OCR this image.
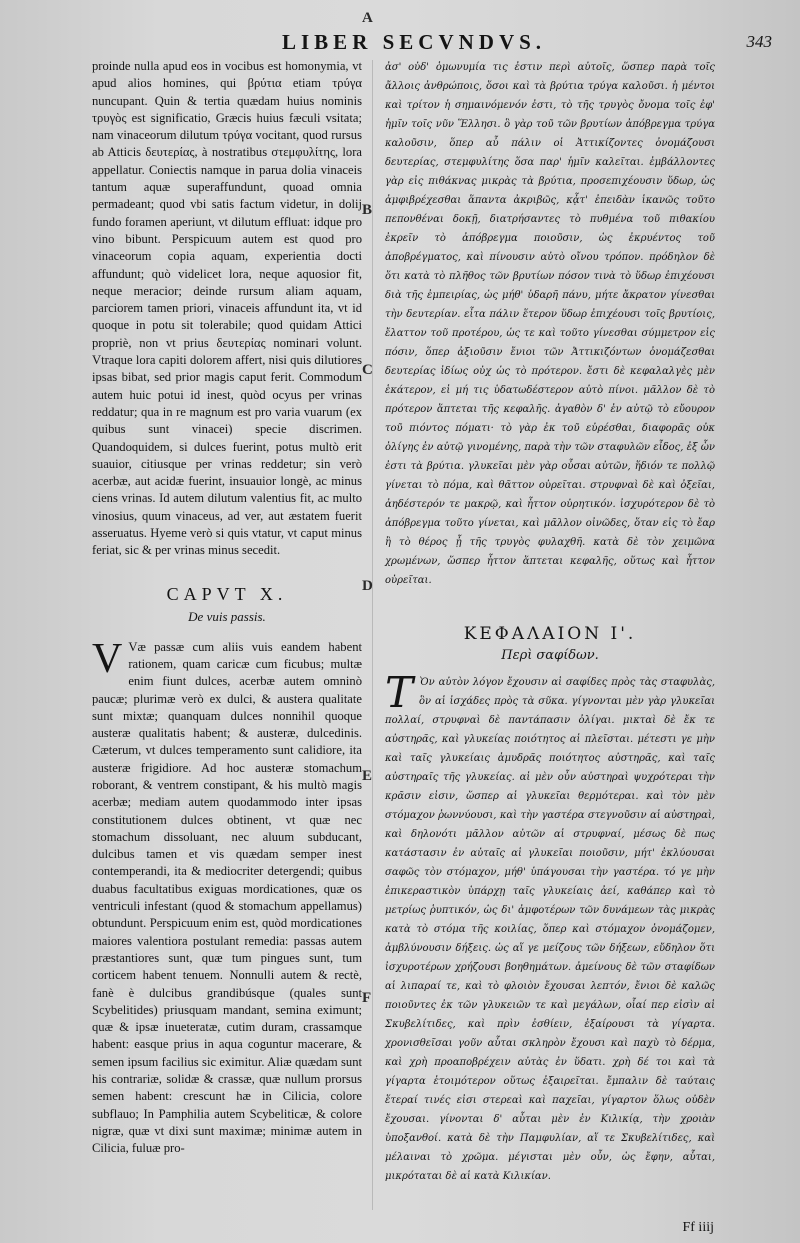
LIBER SECVNDVS.	343

proinde nulla apud eos in vocibus est homonymia, vt apud alios homines, qui βρύτια etiam τρύγα nuncupant. Quin & tertia quædam huius nominis τρυγὸς est significatio, Græcis huius fæculi vsitata; nam vinaceorum dilutum τρύγα vocitant, quod rursus ab Atticis δευτερίας, à nostratibus στεμφυλίτης, lora appellatur. Coniectis namque in parua dolia vinaceis tantum aquæ superaffundunt, quoad omnia permadeant; quod vbi satis factum videtur, in dolij fundo foramen aperiunt, vt dilutum effluat: idque pro vino bibunt. Perspicuum autem est quod pro vinaceorum copia aquam, experientia docti affundunt; quò videlicet lora, neque aquosior fit, neque meracior; deinde rursum aliam aquam, parciorem tamen priori, vinaceis affundunt ita, vt id quoque in potu sit tolerabile; quod quidam Attici propriè, non vt prius δευτερίας nominari volunt. Vtraque lora capiti dolorem affert, nisi quis dilutiores ipsas bibat, sed prior magis caput ferit. Commodum autem huic potui id inest, quòd ocyus per vrinas reddatur; qua in re magnum est pro varia vuarum (ex quibus sunt vinacei) specie discrimen. Quandoquidem, si dulces fuerint, potus multò erit suauior, citiusque per vrinas reddetur; sin verò acerbæ, aut acidæ fuerint, insuauior longè, ac minus ciens vrinas. Id autem dilutum valentius fit, ac multo vinosius, quum vinaceus, ad ver, aut æstatem fuerit asseruatus. Hyeme verò si quis vtatur, vt caput minus feriat, sic & per vrinas minus secedit.

CAPVT X.
De vuis passis.

V Væ passæ cum aliis vuis eandem habent rationem, quam caricæ cum ficubus; multæ enim fiunt dulces, acerbæ autem omninò paucæ; plurimæ verò ex dulci, & austera qualitate sunt mixtæ; quanquam dulces nonnihil quoque austeræ qualitatis habent; & austeræ, dulcedinis. Cæterum, vt dulces temperamento sunt calidiore, ita austeræ frigidiore. Ad hoc austeræ stomachum roborant, & ventrem constipant, & his multò magis acerbæ; mediam autem quodammodo inter ipsas constitutionem dulces obtinent, vt quæ nec stomachum dissoluant, nec aluum subducant, dulcibus tamen et vis quædam semper inest contemperandi, ita & mediocriter detergendi; quibus duabus facultatibus exiguas mordicationes, quæ os ventriculi infestant (quod & stomachum appellamus) obtundunt. Perspicuum enim est, quòd mordicationes maiores valentiora postulant remedia: passas autem præstantiores sunt, quæ tum pingues sunt, tum corticem habent tenuem. Nonnulli autem & rectè, fanè è dulcibus grandibúsque (quales sunt Scybelitides) priusquam mandant, semina eximunt; quæ & ipsæ inueteratæ, cutim duram, crassamque habent: easque prius in aqua coguntur macerare, & semen ipsum facilius sic eximitur. Aliæ quædam sunt his contrariæ, solidæ & crassæ, quæ nullum prorsus semen habent: crescunt hæ in Cilicia, colore subflauo; In Pamphilia autem Scybeliticæ, & colore nigræ, quæ vt dixi sunt maximæ; minimæ autem in Cilicia, fuluæ pro-

A
B
C
D
E
F

ἀσ' οὐδ' ὁμωνυμία τις ἐστιν περὶ αὐτοῖς, ὥσπερ παρὰ τοῖς ἄλλοις ἀνθρώποις, ὅσοι καὶ τὰ βρύτια τρύγα καλοῦσι. ἡ μέντοι καὶ τρίτον ἡ σημαινόμενόν ἐστι, τὸ τῆς τρυγὸς ὄνομα τοῖς ἐφ' ἡμῖν τοῖς νῦν Ἕλλησι. ὃ γὰρ τοῦ τῶν βρυτίων ἀπόβρεγμα τρύγα καλοῦσιν, ὅπερ αὖ πάλιν οἱ Ἀττικίζοντες ὀνομάζουσι δευτερίας, στεμφυλίτης ὅσα παρ' ἡμῖν καλεῖται. ἐμβάλλοντες γὰρ εἰς πιθάκνας μικρὰς τὰ βρύτια, προσεπιχέουσιν ὕδωρ, ὡς ἀμφιβρέχεσθαι ἅπαντα ἀκριβῶς, κᾆτ' ἐπειδὰν ἱκανῶς τοῦτο πεπονθέναι δοκῇ, διατρήσαντες τὸ πυθμένα τοῦ πιθακίου ἐκρεῖν τὸ ἀπόβρεγμα ποιοῦσιν, ὡς ἐκρυέντος τοῦ ἀποβρέγματος, καὶ πίνουσιν αὐτὸ οἴνου τρόπον. πρόδηλον δὲ ὅτι κατὰ τὸ πλῆθος τῶν βρυτίων πόσον τινὰ τὸ ὕδωρ ἐπιχέουσι διὰ τῆς ἐμπειρίας, ὡς μήθ' ὑδαρῆ πάνυ, μήτε ἄκρατον γίνεσθαι τὴν δευτερίαν. εἶτα πάλιν ἕτερον ὕδωρ ἐπιχέουσι τοῖς βρυτίοις, ἔλαττον τοῦ προτέρου, ὡς τε καὶ τοῦτο γίνεσθαι σύμμετρον εἰς πόσιν, ὅπερ ἀξιοῦσιν ἔνιοι τῶν Ἀττικιζόντων ὀνομάζεσθαι δευτερίας ἰδίως οὐχ ὡς τὸ πρότερον. ἔστι δὲ κεφαλαλγὲς μὲν ἑκάτερον, εἰ μή τις ὑδατωδέστερον αὐτὸ πίνοι. μᾶλλον δὲ τὸ πρότερον ἅπτεται τῆς κεφαλῆς. ἀγαθὸν δ' ἐν αὐτῷ τὸ εὔουρον τοῦ πιόντος πόματι· τὸ γὰρ ἐκ τοῦ εὐρέσθαι, διαφορᾶς οὐκ ὀλίγης ἐν αὐτῷ γινομένης, παρὰ τὴν τῶν σταφυλῶν εἶδος, ἐξ ὧν ἐστι τὰ βρύτια. γλυκεῖαι μὲν γὰρ οὖσαι αὐτῶν, ἥδιόν τε πολλῷ γίνεται τὸ πόμα, καὶ θᾶττον οὐρεῖται. στρυφναὶ δὲ καὶ ὀξεῖαι, ἀηδέστερόν τε μακρῷ, καὶ ἧττον οὐρητικόν. ἰσχυρότερον δὲ τὸ ἀπόβρεγμα τοῦτο γίνεται, καὶ μᾶλλον οἰνῶδες, ὅταν εἰς τὸ ἔαρ ἢ τὸ θέρος ᾖ τῆς τρυγὸς φυλαχθῆ. κατὰ δὲ τὸν χειμῶνα χρωμένων, ὥσπερ ἧττον ἅπτεται κεφαλῆς, οὕτως καὶ ἧττον οὐρεῖται.

ΚΕΦΑΛΑΙΟΝ Ι'.
Περὶ σαφίδων.

Τ Ὸν αὐτὸν λόγον ἔχουσιν αἱ σαφίδες πρὸς τὰς σταφυλὰς, ὃν αἱ ἰσχάδες πρὸς τὰ σῦκα. γίγνονται μὲν γὰρ γλυκεῖαι πολλαί, στρυφναὶ δὲ παντάπασιν ὀλίγαι. μικταὶ δὲ ἔκ τε αὐστηρᾶς, καὶ γλυκείας ποιότητος αἱ πλεῖσται. μέτεστι γε μὴν καὶ ταῖς γλυκείαις ἀμυδρᾶς ποιότητος αὐστηρᾶς, καὶ ταῖς αὐστηραῖς τῆς γλυκείας. αἱ μὲν οὖν αὐστηραὶ ψυχρότεραι τὴν κρᾶσιν εἰσιν, ὥσπερ αἱ γλυκεῖαι θερμότεραι. καὶ τὸν μὲν στόμαχον ῥωννύουσι, καὶ τὴν γαστέρα στεγνοῦσιν αἱ αὐστηραὶ, καὶ δηλονότι μᾶλλον αὐτῶν αἱ στρυφναί, μέσως δὲ πως κατάστασιν ἐν αὐταῖς αἱ γλυκεῖαι ποιοῦσιν, μήτ' ἐκλύουσαι σαφῶς τὸν στόμαχον, μήθ' ὑπάγουσαι τὴν γαστέρα. τό γε μὴν ἐπικεραστικὸν ὑπάρχῃ ταῖς γλυκείαις ἀεί, καθάπερ καὶ τὸ μετρίως ῥυπτικόν, ὡς δι' ἀμφοτέρων τῶν δυνάμεων τὰς μικρὰς κατὰ τὸ στόμα τῆς κοιλίας, ὅπερ καὶ στόμαχον ὀνομάζομεν, ἀμβλύνουσιν δήξεις. ὡς αἵ γε μείζους τῶν δήξεων, εὔδηλον ὅτι ἰσχυροτέρων χρήζουσι βοηθημάτων. ἀμείνους δὲ τῶν σταφίδων αἱ λιπαραί τε, καὶ τὸ φλοιὸν ἔχουσαι λεπτόν, ἔνιοι δὲ καλῶς ποιοῦντες ἐκ τῶν γλυκειῶν τε καὶ μεγάλων, οἷαί περ εἰσὶν αἱ Σκυβελίτιδες, καὶ πρὶν ἐσθίειν, ἐξαίρουσι τὰ γίγαρτα. χρονισθεῖσαι γοῦν αὗται σκληρὸν ἔχουσι καὶ παχὺ τὸ δέρμα, καὶ χρὴ προαποβρέχειν αὐτὰς ἐν ὕδατι. χρὴ δέ τοι καὶ τὰ γίγαρτα ἑτοιμότερον οὕτως ἐξαιρεῖται. ἔμπαλιν δὲ ταύταις ἕτεραί τινές εἰσι στερεαὶ καὶ παχεῖαι, γίγαρτον ὅλως οὐδὲν ἔχουσαι. γίνονται δ' αὗται μὲν ἐν Κιλικίᾳ, τὴν χροιὰν ὑποξανθοί. κατὰ δὲ τὴν Παμφυλίαν, αἵ τε Σκυβελίτιδες, καὶ μέλαιναι τὸ χρῶμα. μέγισται μὲν οὖν, ὡς ἔφην, αὗται, μικρόταται δὲ αἱ κατὰ Κιλικίαν.

Ff iiij
